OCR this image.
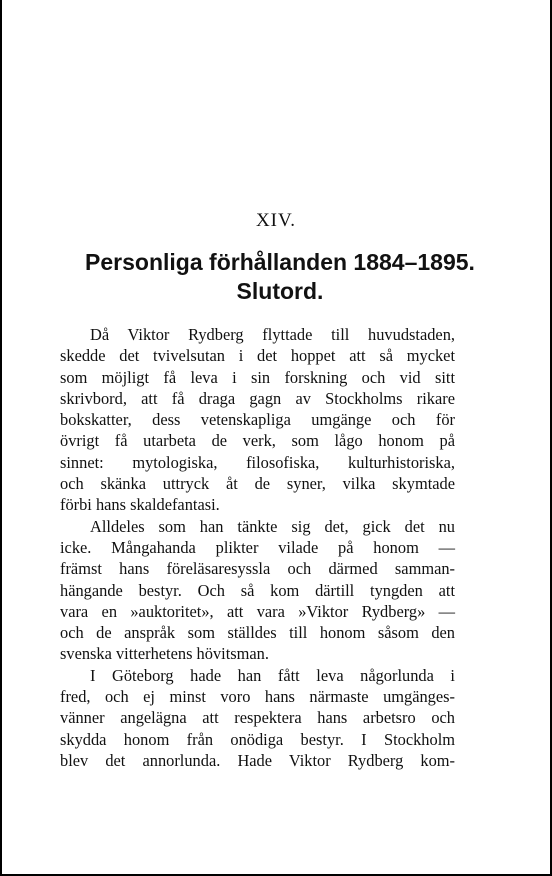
XIV.
Personliga förhållanden 1884–1895.
Slutord.
Då Viktor Rydberg flyttade till huvudstaden,
skedde det tvivelsutan i det hoppet att så mycket
som möjligt få leva i sin forskning och vid sitt
skrivbord, att få draga gagn av Stockholms rikare
bokskatter, dess vetenskapliga umgänge och för
övrigt få utarbeta de verk, som lågo honom på
sinnet: mytologiska, filosofiska, kulturhistoriska,
och skänka uttryck åt de syner, vilka skymtade
förbi hans skaldefantasi.
Alldeles som han tänkte sig det, gick det nu
icke. Mångahanda plikter vilade på honom —
främst hans föreläsaresyssla och därmed samman-
hängande bestyr. Och så kom därtill tyngden att
vara en »auktoritet», att vara »Viktor Rydberg» —
och de anspråk som ställdes till honom såsom den
svenska vitterhetens hövitsman.
I Göteborg hade han fått leva någorlunda i
fred, och ej minst voro hans närmaste umgänges-
vänner angelägna att respektera hans arbetsro och
skydda honom från onödiga bestyr. I Stockholm
blev det annorlunda. Hade Viktor Rydberg kom-
